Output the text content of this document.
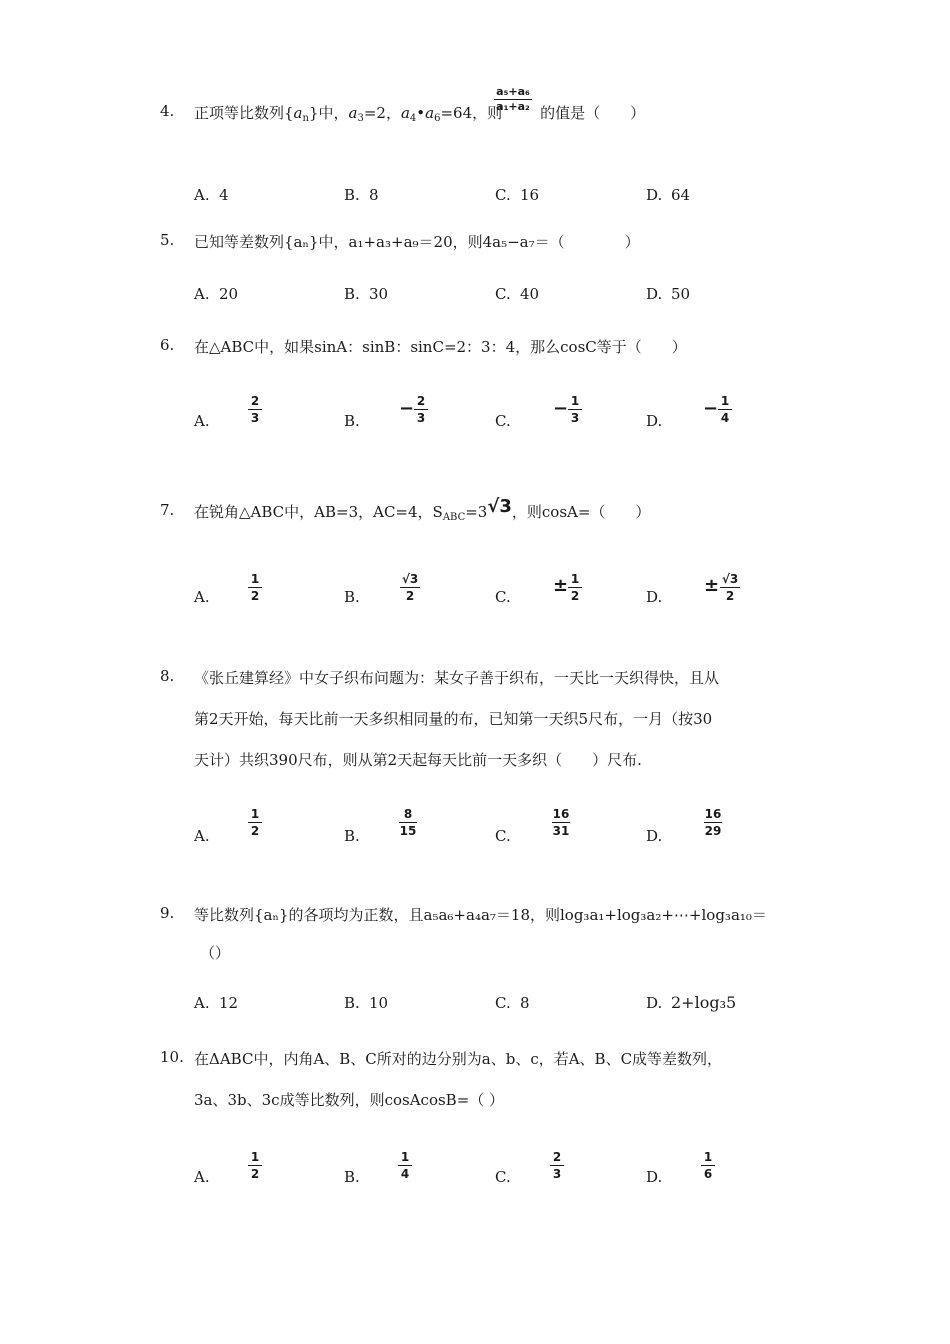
4.	正项等比数列$\{a_n\}$中，$a_3=2$，$a_4•a_6=64$，则	的值是（　　）
a₅+a₆
a₁+a₂
A. 4	B. 8	C. 16	D. 64
5.	已知等差数列{aₙ}中，a₁+a₃+a₉＝20，则4a₅−a₇＝（　　　　）
A. 20	B. 30	C. 40	D. 50
6.	在△ABC中，如果sinA：sinB：sinC=2：3：4，那么cosC等于（　　）
A.
2
3	B.
− 2
3	C.
− 1
3	D.
− 1
4
7.	在锐角△ABC中，AB=3，AC=4，$S_{ABC}=3√3$，则cosA=（　　）
A.
1
2	B.
√3
2	C.
± 1
2	D.
± √3
2
8.	《张丘建算经》中女子织布问题为：某女子善于织布，一天比一天织得快，且从
第2天开始，每天比前一天多织相同量的布，已知第一天织5尺布，一月（按30
天计）共织390尺布，则从第2天起每天比前一天多织（　　）尺布.
A.
1
2	B.
8
15	C.
16
31	D.
16
29
9.	等比数列{aₙ}的各项均为正数，且a₅a₆+a₄a₇＝18，则log₃a₁+log₃a₂+⋯+log₃a₁₀＝
（）
A. 12	B. 10	C. 8	D. 2+log₃5
10. 在ΔABC中，内角A、B、C所对的边分别为a、b、c，若A、B、C成等差数列，
3a、3b、3c成等比数列，则cosAcosB=（ ）
A.
1
2	B.
1
4	C.
2
3	D.
1
6
